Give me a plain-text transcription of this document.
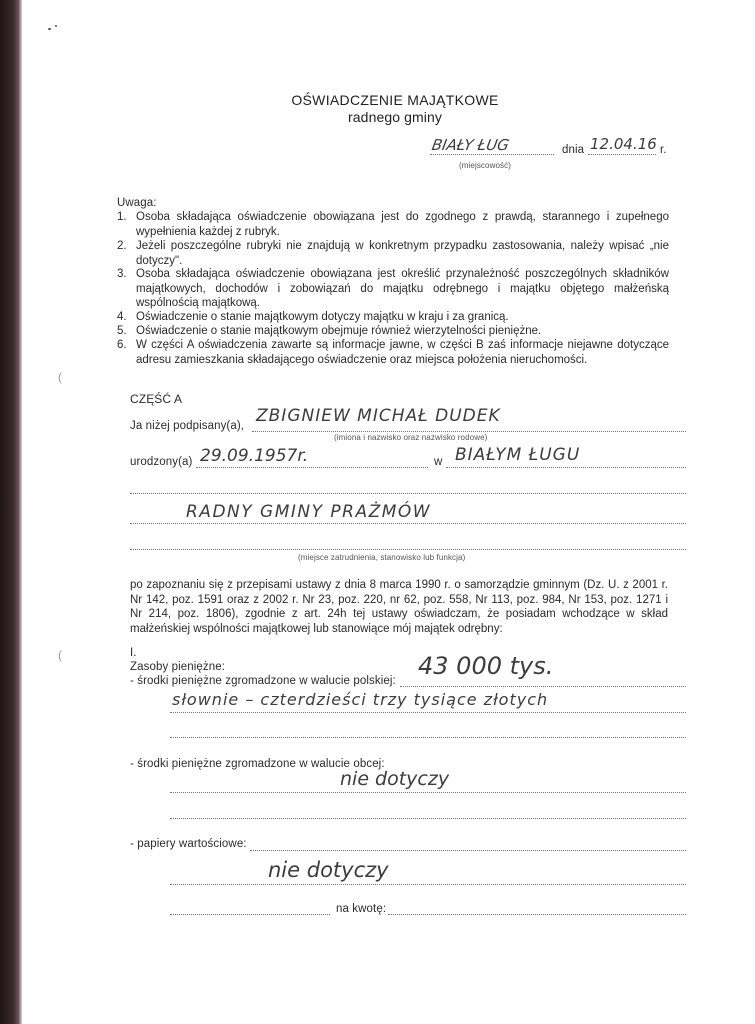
OŚWIADCZENIE MAJĄTKOWE
radnego gminy
BIAŁY ŁUG	dnia 12.04.16 r.
(miejscowość)
Uwaga:
1. Osoba składająca oświadczenie obowiązana jest do zgodnego z prawdą, starannego i zupełnego wypełnienia każdej z rubryk.
2. Jeżeli poszczególne rubryki nie znajdują w konkretnym przypadku zastosowania, należy wpisać „nie dotyczy".
3. Osoba składająca oświadczenie obowiązana jest określić przynależność poszczególnych składników majątkowych, dochodów i zobowiązań do majątku odrębnego i majątku objętego małżeńską wspólnością majątkową.
4. Oświadczenie o stanie majątkowym dotyczy majątku w kraju i za granicą.
5. Oświadczenie o stanie majątkowym obejmuje również wierzytelności pieniężne.
6. W części A oświadczenia zawarte są informacje jawne, w części B zaś informacje niejawne dotyczące adresu zamieszkania składającego oświadczenie oraz miejsca położenia nieruchomości.
(
(
CZĘŚĆ A
Ja niżej podpisany(a), ZBIGNIEW MICHAŁ DUDEK
(imiona i nazwisko oraz nazwisko rodowe)
urodzony(a) 29.09.1957r.	w BIAŁYM ŁUGU
RADNY GMINY PRAŻMÓW
(miejsce zatrudnienia, stanowisko lub funkcja)
po zapoznaniu się z przepisami ustawy z dnia 8 marca 1990 r. o samorządzie gminnym (Dz. U. z 2001 r. Nr 142, poz. 1591 oraz z 2002 r. Nr 23, poz. 220, nr 62, poz. 558, Nr 113, poz. 984, Nr 153, poz. 1271 i Nr 214, poz. 1806), zgodnie z art. 24h tej ustawy oświadczam, że posiadam wchodzące w skład małżeńskiej wspólności majątkowej lub stanowiące mój majątek odrębny:
I.
Zasoby pieniężne:
- środki pieniężne zgromadzone w walucie polskiej:
43 000 tys.
słownie – czterdzieści trzy tysiące złotych
- środki pieniężne zgromadzone w walucie obcej:
nie dotyczy
- papiery wartościowe:
nie dotyczy
na kwotę:
